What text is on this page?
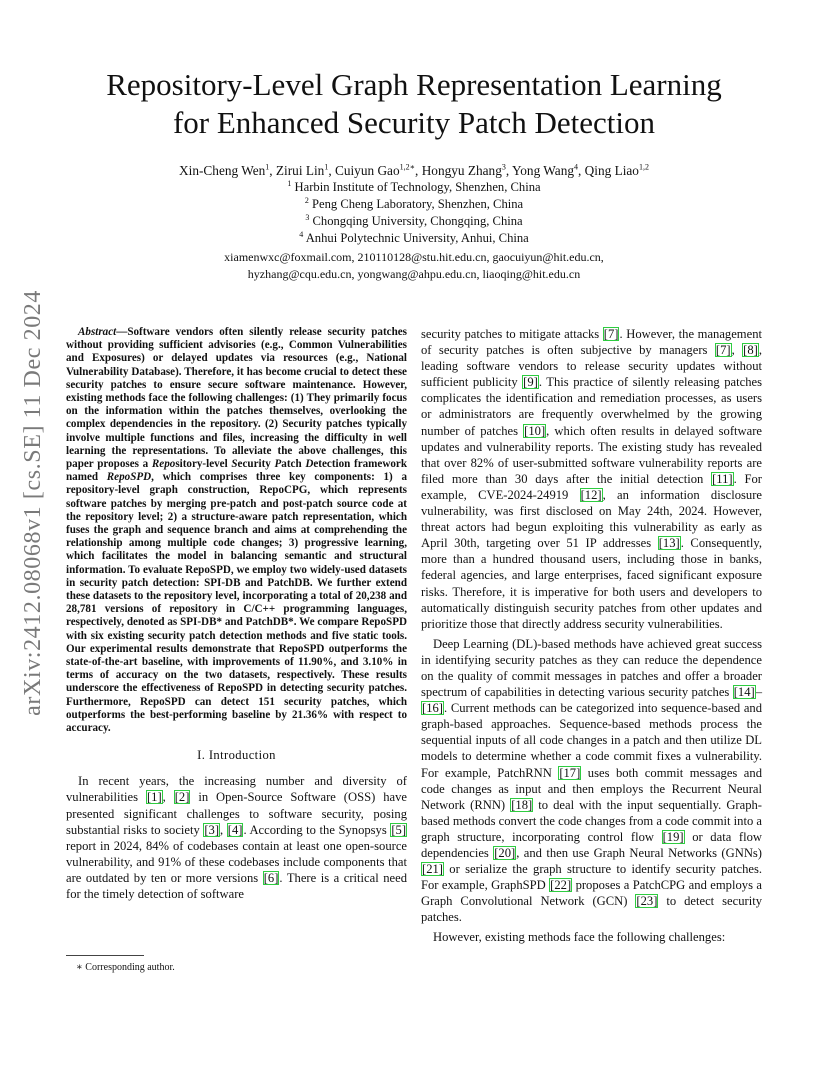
arXiv:2412.08068v1 [cs.SE] 11 Dec 2024
Repository-Level Graph Representation Learning
for Enhanced Security Patch Detection
Xin-Cheng Wen$^1$, Zirui Lin$^1$, Cuiyun Gao$^{1,2∗}$, Hongyu Zhang$^3$, Yong Wang$^4$, Qing Liao$^{1,2}$
$^1$ Harbin Institute of Technology, Shenzhen, China
$^2$ Peng Cheng Laboratory, Shenzhen, China
$^3$ Chongqing University, Chongqing, China
$^4$ Anhui Polytechnic University, Anhui, China
xiamenwxc@foxmail.com, 210110128@stu.hit.edu.cn, gaocuiyun@hit.edu.cn,
hyzhang@cqu.edu.cn, yongwang@ahpu.edu.cn, liaoqing@hit.edu.cn

Abstract—Software vendors often silently release security patches without providing sufficient advisories (e.g., Common Vulnerabilities and Exposures) or delayed updates via resources (e.g., National Vulnerability Database). Therefore, it has become crucial to detect these security patches to ensure secure software maintenance. However, existing methods face the following challenges: (1) They primarily focus on the information within the patches themselves, overlooking the complex dependencies in the repository. (2) Security patches typically involve multiple functions and files, increasing the difficulty in well learning the representations. To alleviate the above challenges, this paper proposes a Repository-level Security Patch Detection framework named RepoSPD, which comprises three key components: 1) a repository-level graph construction, RepoCPG, which represents software patches by merging pre-patch and post-patch source code at the repository level; 2) a structure-aware patch representation, which fuses the graph and sequence branch and aims at comprehending the relationship among multiple code changes; 3) progressive learning, which facilitates the model in balancing semantic and structural information. To evaluate RepoSPD, we employ two widely-used datasets in security patch detection: SPI-DB and PatchDB. We further extend these datasets to the repository level, incorporating a total of 20,238 and 28,781 versions of repository in C/C++ programming languages, respectively, denoted as SPI-DB* and PatchDB*. We compare RepoSPD with six existing security patch detection methods and five static tools. Our experimental results demonstrate that RepoSPD outperforms the state-of-the-art baseline, with improvements of 11.90%, and 3.10% in terms of accuracy on the two datasets, respectively. These results underscore the effectiveness of RepoSPD in detecting security patches. Furthermore, RepoSPD can detect 151 security patches, which outperforms the best-performing baseline by 21.36% with respect to accuracy.

I. Introduction

In recent years, the increasing number and diversity of vulnerabilities [1], [2] in Open-Source Software (OSS) have presented significant challenges to software security, posing substantial risks to society [3], [4]. According to the Synopsys [5] report in 2024, 84% of codebases contain at least one open-source vulnerability, and 91% of these codebases include components that are outdated by ten or more versions [6]. There is a critical need for the timely detection of software

∗ Corresponding author.

security patches to mitigate attacks [7]. However, the management of security patches is often subjective by managers [7], [8], leading software vendors to release security updates without sufficient publicity [9]. This practice of silently releasing patches complicates the identification and remediation processes, as users or administrators are frequently overwhelmed by the growing number of patches [10], which often results in delayed software updates and vulnerability reports. The existing study has revealed that over 82% of user-submitted software vulnerability reports are filed more than 30 days after the initial detection [11]. For example, CVE-2024-24919 [12], an information disclosure vulnerability, was first disclosed on May 24th, 2024. However, threat actors had begun exploiting this vulnerability as early as April 30th, targeting over 51 IP addresses [13]. Consequently, more than a hundred thousand users, including those in banks, federal agencies, and large enterprises, faced significant exposure risks. Therefore, it is imperative for both users and developers to automatically distinguish security patches from other updates and prioritize those that directly address security vulnerabilities.

Deep Learning (DL)-based methods have achieved great success in identifying security patches as they can reduce the dependence on the quality of commit messages in patches and offer a broader spectrum of capabilities in detecting various security patches [14]–[16]. Current methods can be categorized into sequence-based and graph-based approaches. Sequence-based methods process the sequential inputs of all code changes in a patch and then utilize DL models to determine whether a code commit fixes a vulnerability. For example, PatchRNN [17] uses both commit messages and code changes as input and then employs the Recurrent Neural Network (RNN) [18] to deal with the input sequentially. Graph-based methods convert the code changes from a code commit into a graph structure, incorporating control flow [19] or data flow dependencies [20], and then use Graph Neural Networks (GNNs) [21] or serialize the graph structure to identify security patches. For example, GraphSPD [22] proposes a PatchCPG and employs a Graph Convolutional Network (GCN) [23] to detect security patches.

However, existing methods face the following challenges:
